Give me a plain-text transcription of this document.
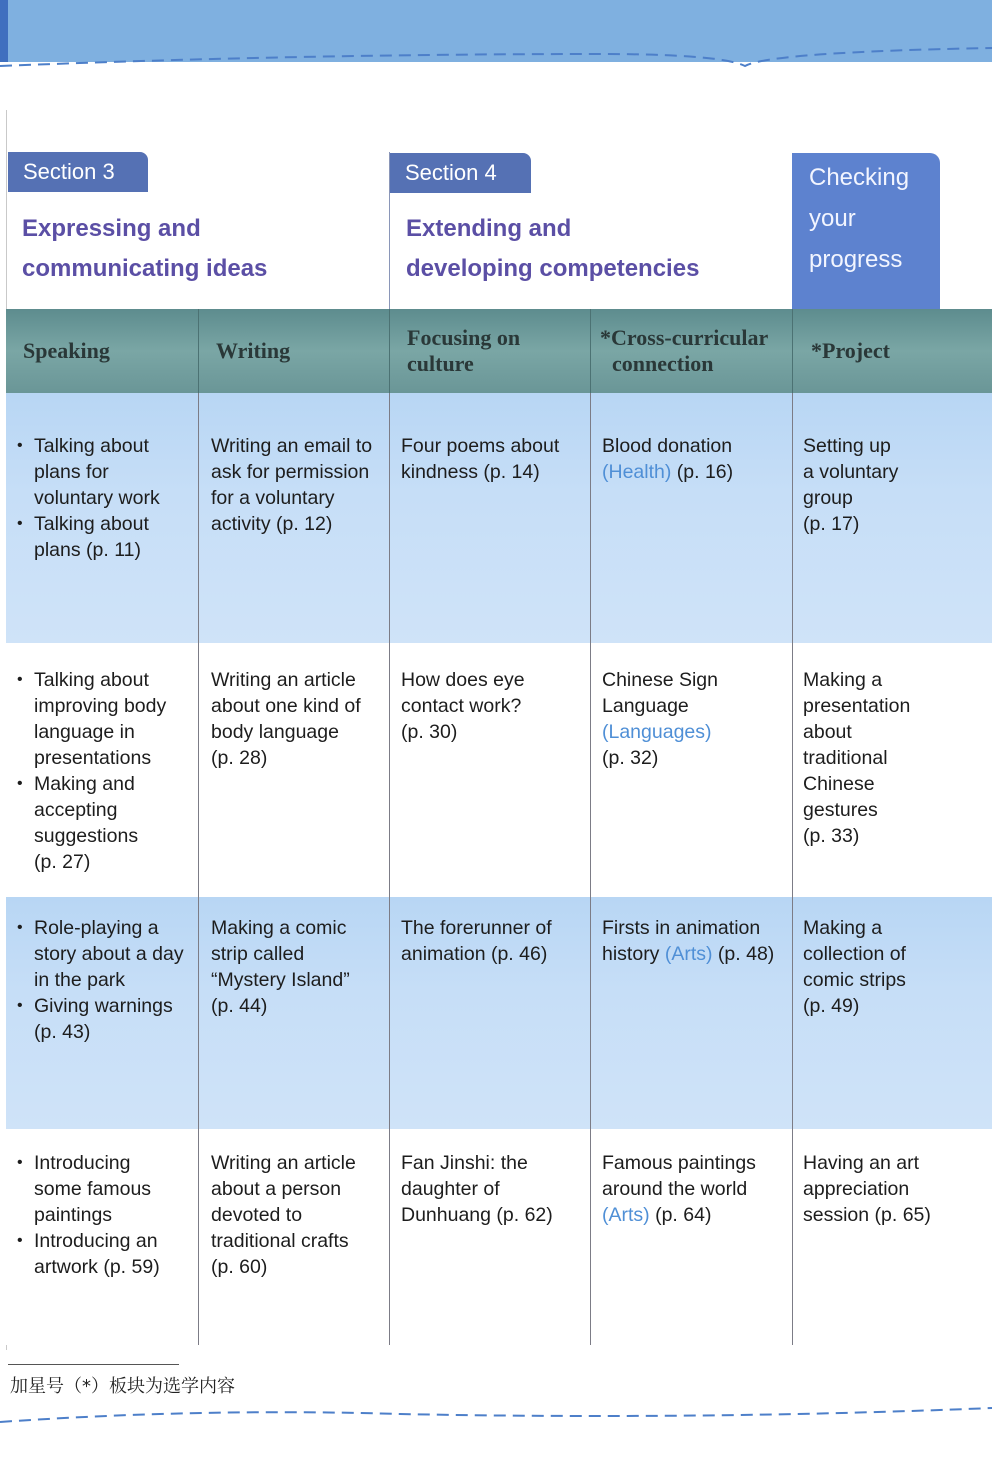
Section 3
Expressing and
communicating ideas
Section 4
Extending and
developing competencies
Checking
your
progress
Speaking	Writing
Focusing on
culture
*Cross-curricular
connection
*Project
• Talking about
plans for
voluntary work
• Talking about
plans (p. 11)
Writing an email to
ask for permission
for a voluntary
activity (p. 12)
Four poems about
kindness (p. 14)
Blood donation
(Health) (p. 16)
Setting up
a voluntary
group
(p. 17)
• Talking about
improving body
language in
presentations
• Making and
accepting
suggestions
(p. 27)
Writing an article
about one kind of
body language
(p. 28)
How does eye
contact work?
(p. 30)
Chinese Sign
Language
(Languages)
(p. 32)
Making a
presentation
about
traditional
Chinese
gestures
(p. 33)
• Role-playing a
story about a day
in the park
• Giving warnings
(p. 43)
Making a comic
strip called
“Mystery Island”
(p. 44)
The forerunner of
animation (p. 46)
Firsts in animation
history (Arts) (p. 48)
Making a
collection of
comic strips
(p. 49)
• Introducing
some famous
paintings
• Introducing an
artwork (p. 59)
Writing an article
about a person
devoted to
traditional crafts
(p. 60)
Fan Jinshi: the
daughter of
Dunhuang (p. 62)
Famous paintings
around the world
(Arts) (p. 64)
Having an art
appreciation
session (p. 65)
加星号（*）板块为选学内容
